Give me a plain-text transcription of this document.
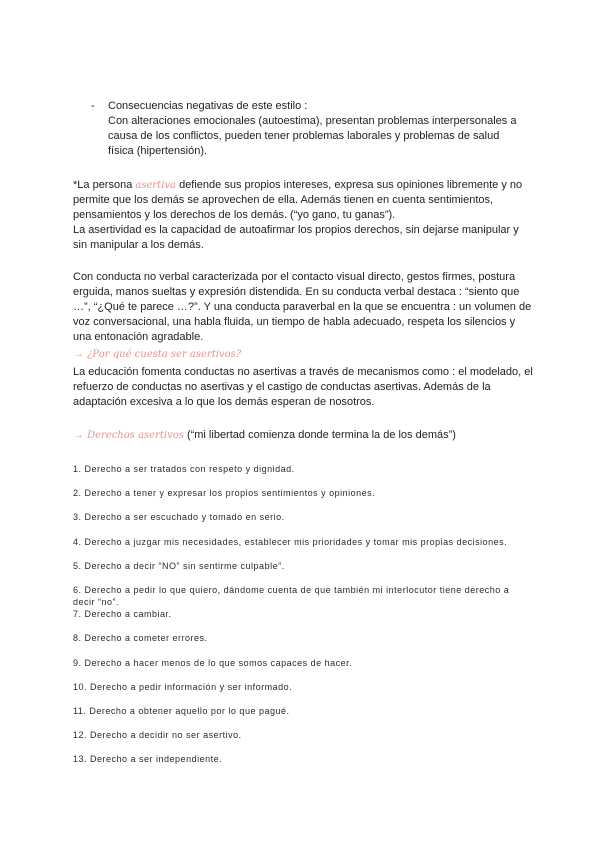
- Consecuencias negativas de este estilo :
Con alteraciones emocionales (autoestima), presentan problemas interpersonales a causa de los conflictos, pueden tener problemas laborales y problemas de salud física (hipertensión).
*La persona asertiva defiende sus propios intereses, expresa sus opiniones libremente y no permite que los demás se aprovechen de ella. Además tienen en cuenta sentimientos, pensamientos y los derechos de los demás. (“yo gano, tu ganas”).
La asertividad es la capacidad de autoafirmar los propios derechos, sin dejarse manipular y sin manipular a los demás.
Con conducta no verbal caracterizada por el contacto visual directo, gestos firmes, postura erguida, manos sueltas y expresión distendida. En su conducta verbal destaca : “siento que …”, “¿Qué te parece …?”. Y una conducta paraverbal en la que se encuentra : un volumen de voz conversacional, una habla fluida, un tiempo de habla adecuado, respeta los silencios y una entonación agradable.
→ ¿Por qué cuesta ser asertivos?
La educación fomenta conductas no asertivas a través de mecanismos como : el modelado, el refuerzo de conductas no asertivas y el castigo de conductas asertivas. Además de la adaptación excesiva a lo que los demás esperan de nosotros.
→ Derechos asertivos (“mi libertad comienza donde termina la de los demás”)
1. Derecho a ser tratados con respeto y dignidad.
2. Derecho a tener y expresar los propios sentimientos y opiniones.
3. Derecho a ser escuchado y tomado en serio.
4. Derecho a juzgar mis necesidades, establecer mis prioridades y tomar mis propias decisiones.
5. Derecho a decir “NO” sin sentirme culpable”.
6. Derecho a pedir lo que quiero, dándome cuenta de que también mi interlocutor tiene derecho a decir “no”.
7. Derecho a cambiar.
8. Derecho a cometer errores.
9. Derecho a hacer menos de lo que somos capaces de hacer.
10. Derecho a pedir información y ser informado.
11. Derecho a obtener aquello por lo que pagué.
12. Derecho a decidir no ser asertivo.
13. Derecho a ser independiente.
